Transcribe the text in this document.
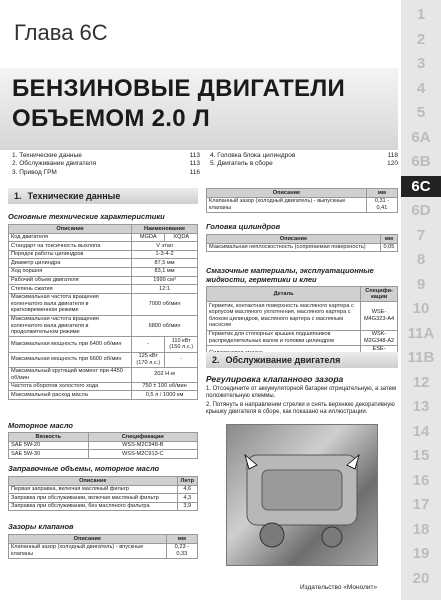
Глава 6С
БЕНЗИНОВЫЕ ДВИГАТЕЛИ
ОБЪЕМОМ 2.0 Л
1. Технические данные	113
2. Обслуживание двигателя	113
3. Привод ГРМ	116
4. Головка блока цилиндров	118
5. Двигатель в сборе	120
1
2
3
4
5
6A
6B
6C
6D
7
8
9
10
11A
11B
12
13
14
15
16
17
18
19
20
1. Технические данные
Основные технические характеристики
Описание	Наименование	
Код двигателя	MGDA	XQDA
Стандарт на токсичность выхлопа	V этап	
Порядок работы цилиндров	1-3-4-2	
Диаметр цилиндра	87,5 мм	
Ход поршня	83,1 мм	
Рабочий объем двигателя	1999 см³	
Степень сжатия	12:1	
Максимальная частота вращения коленчатого вала двигателя в кратковременном режиме	7000 об/мин	
Максимальная частота вращения коленчатого вала двигателя в продолжительном режиме	6800 об/мин	
Максимальная мощность при 6400 об/мин	-	110 кВт (150 л.с.)
Максимальная мощность при 6600 об/мин	125 кВт (170 л.с.)	-
Максимальный крутящий момент при 4450 об/мин	202 Н·м	
Частота оборотов холостого хода	750 ± 100 об/мин	
Максимальный расход масла	0,5 л / 1000 км	
Моторное масло
Вязкость	Спецификации
SAE 5W-20	WSS-M2C948-B
SAE 5W-30	WSS-M2C913-C
Заправочные объемы, моторное масло
Описание	Литр
Первая заправка, включая масляный фильтр	4,6
Заправка при обслуживании, включая масляный фильтр	4,3
Заправка при обслуживании, без масляного фильтра	3,9
Зазоры клапанов
Описание	мм
Клапанный зазор (холодный двигатель) - впускные клапаны	0,23 - 0,33
Описание	мм
Клапанный зазор (холодный двигатель) - выпускные клапаны	0,31 - 0,41
Головка цилиндров
Описание	мм
Максимальная неплоскостность (сопрягаемая поверхность)	0,05
Смазочные материалы, эксплуатационные жидкости, герметики и клеи
Деталь	Специфи-кации
Герметик, контактная поверхность масляного картера с корпусом масляного уплотнения, масляного картера с блоком цилиндров, масляного картера с масляным насосом	WSE-M4G323-A4
Герметик для стопорных крышек подшипников распределительных валов и головки цилиндров	WSK-M2G348-A2
	ESE-
2. Обслуживание двигателя
Регулировка клапанного зазора
1. Отсоедините от аккумуляторной батареи отрицательную, а затем положительную клеммы.
2. Потянуть в направлении стрелки и снять верхнюю декоративную крышку двигателя в сборе, как показано на иллюстрации.
Издательство «Монолит»
